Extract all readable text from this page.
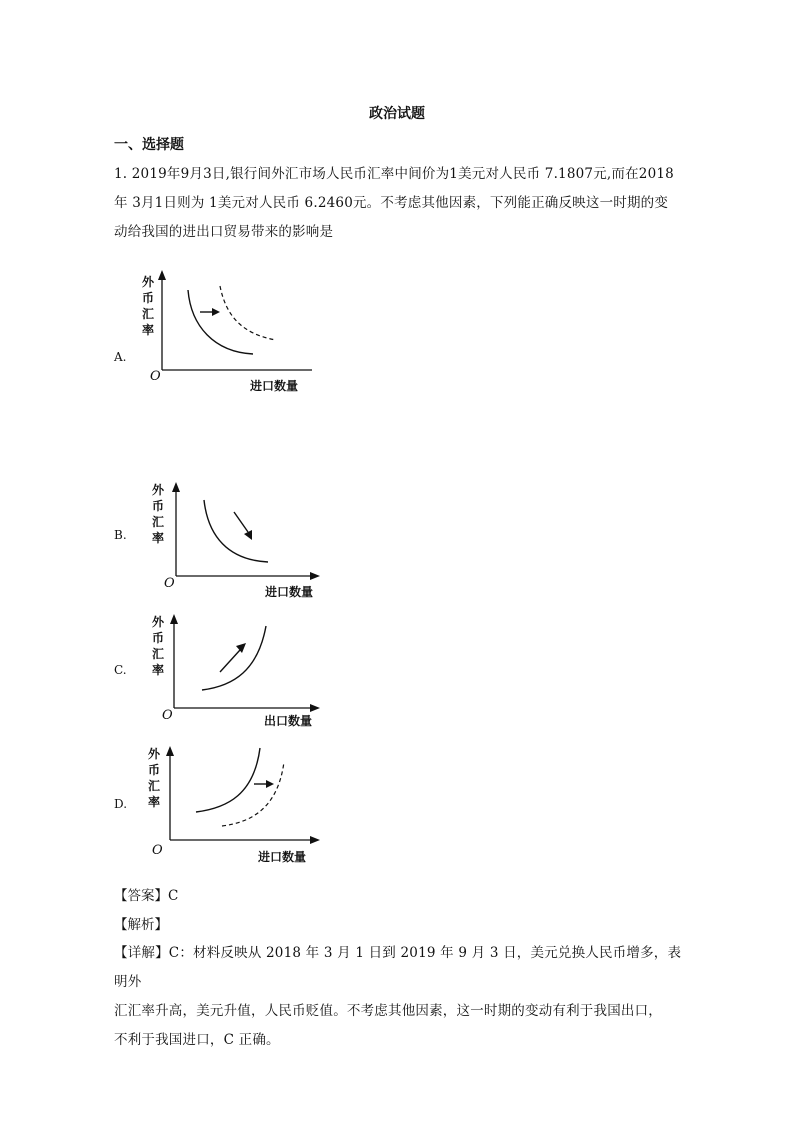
政治试题
一、选择题
1. 2019年9月3日,银行间外汇市场人民币汇率中间价为1美元对人民币 7.1807元,而在2018
年 3月1日则为 1美元对人民币 6.2460元。不考虑其他因素，下列能正确反映这一时期的变
动给我国的进出口贸易带来的影响是
A.
外
币
汇
率
O
进口数量
B.
外
币
汇
率
O
进口数量
C.
外
币
汇
率
O	出口数量
D.
外
币
汇
率
O	进口数量
【答案】C
【解析】
【详解】C：材料反映从 2018 年 3 月 1 日到 2019 年 9 月 3 日，美元兑换人民币增多，表明外
汇汇率升高，美元升值，人民币贬值。不考虑其他因素，这一时期的变动有利于我国出口，
不利于我国进口，C 正确。
